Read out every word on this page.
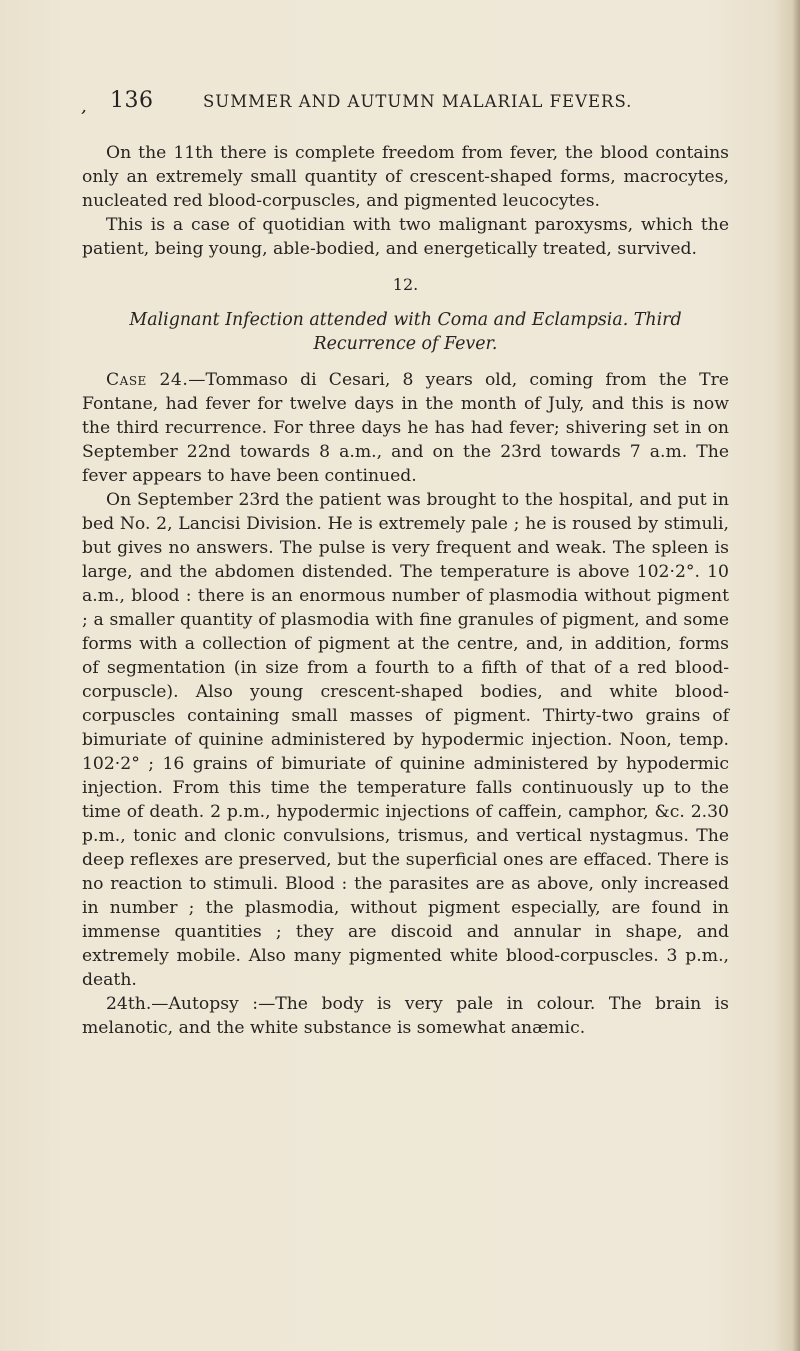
, 136	SUMMER AND AUTUMN MALARIAL FEVERS.

On the 11th there is complete freedom from fever, the blood contains only an extremely small quantity of crescent-shaped forms, macrocytes, nucleated red blood-corpuscles, and pigmented leucocytes.

This is a case of quotidian with two malignant paroxysms, which the patient, being young, able-bodied, and energetically treated, survived.

12.
Malignant Infection attended with Coma and Eclampsia. Third
Recurrence of Fever.

Case 24.—Tommaso di Cesari, 8 years old, coming from the Tre Fontane, had fever for twelve days in the month of July, and this is now the third recurrence. For three days he has had fever; shivering set in on September 22nd towards 8 a.m., and on the 23rd towards 7 a.m. The fever appears to have been continued.

On September 23rd the patient was brought to the hospital, and put in bed No. 2, Lancisi Division. He is extremely pale ; he is roused by stimuli, but gives no answers. The pulse is very frequent and weak. The spleen is large, and the abdomen distended. The temperature is above 102·2°. 10 a.m., blood : there is an enormous number of plasmodia without pigment ; a smaller quantity of plasmodia with fine granules of pigment, and some forms with a collection of pigment at the centre, and, in addition, forms of segmentation (in size from a fourth to a fifth of that of a red blood-corpuscle). Also young crescent-shaped bodies, and white blood-corpuscles containing small masses of pigment. Thirty-two grains of bimuriate of quinine administered by hypodermic injection. Noon, temp. 102·2° ; 16 grains of bimuriate of quinine administered by hypodermic injection. From this time the temperature falls continuously up to the time of death. 2 p.m., hypodermic injections of caffein, camphor, &c. 2.30 p.m., tonic and clonic convulsions, trismus, and vertical nystagmus. The deep reflexes are preserved, but the superficial ones are effaced. There is no reaction to stimuli. Blood : the parasites are as above, only increased in number ; the plasmodia, without pigment especially, are found in immense quantities ; they are discoid and annular in shape, and extremely mobile. Also many pigmented white blood-corpuscles. 3 p.m., death.

24th.—Autopsy :—The body is very pale in colour. The brain is melanotic, and the white substance is somewhat anæmic.
